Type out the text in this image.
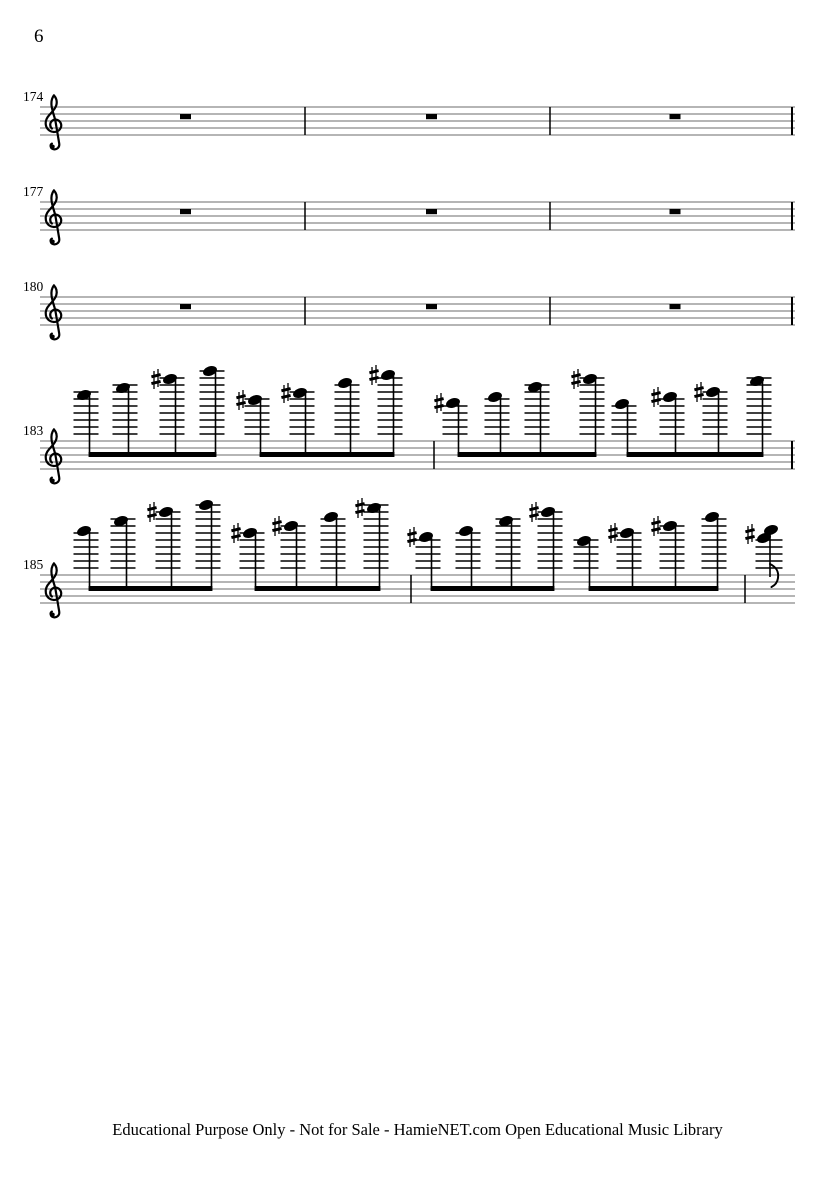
6
174
177
180
183
185
Educational Purpose Only - Not for Sale - HamieNET.com Open Educational Music Library
